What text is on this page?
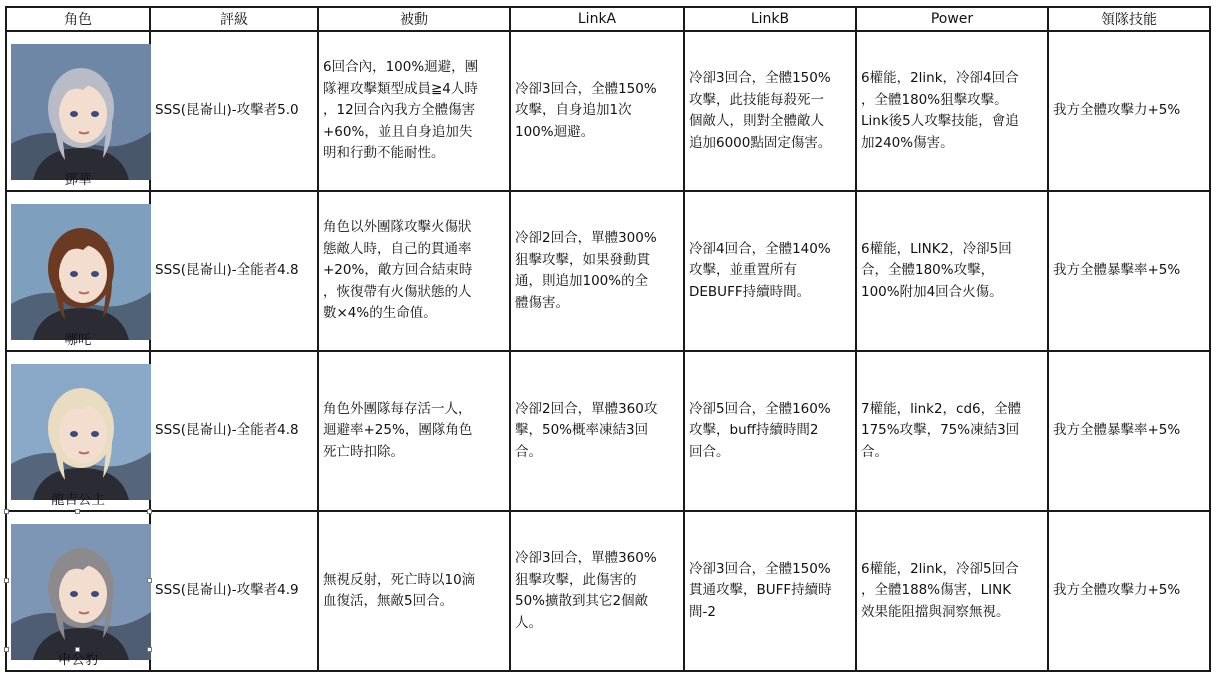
角色	評級	被動	LinkA	LinkB	Power	領隊技能

鄧華	SSS(昆崙山)-攻擊者5.0	6回合內，100%迴避，團
隊裡攻擊類型成員≧4人時
，12回合內我方全體傷害
+60%，並且自身追加失
明和行動不能耐性。	冷卻3回合，全體150%
攻擊，自身追加1次
100%迴避。	冷卻3回合，全體150%
攻擊，此技能每殺死一
個敵人，則對全體敵人
追加6000點固定傷害。	6權能，2link，冷卻4回合
，全體180%狙擊攻擊。
Link後5人攻擊技能，會追
加240%傷害。	我方全體攻擊力+5%

哪吒	SSS(昆崙山)-全能者4.8	角色以外團隊攻擊火傷狀
態敵人時，自己的貫通率
+20%，敵方回合結束時
，恢復帶有火傷狀態的人
數×4%的生命值。	冷卻2回合，單體300%
狙擊攻擊，如果發動貫
通，則追加100%的全
體傷害。	冷卻4回合，全體140%
攻擊，並重置所有
DEBUFF持續時間。	6權能，LINK2，冷卻5回
合，全體180%攻擊，
100%附加4回合火傷。	我方全體暴擊率+5%

龍吉公主	SSS(昆崙山)-全能者4.8	角色外團隊每存活一人，
迴避率+25%，團隊角色
死亡時扣除。	冷卻2回合，單體360攻
擊，50%概率凍結3回
合。	冷卻5回合，全體160%
攻擊，buff持續時間2
回合。	7權能，link2，cd6，全體
175%攻擊，75%凍結3回
合。	我方全體暴擊率+5%

申公豹	SSS(昆崙山)-攻擊者4.9	無視反射，死亡時以10滴
血復活，無敵5回合。	冷卻3回合，單體360%
狙擊攻擊，此傷害的
50%擴散到其它2個敵
人。	冷卻3回合，全體150%
貫通攻擊，BUFF持續時
間-2	6權能，2link，冷卻5回合
，全體188%傷害，LINK
效果能阻擋與洞察無視。	我方全體攻擊力+5%
